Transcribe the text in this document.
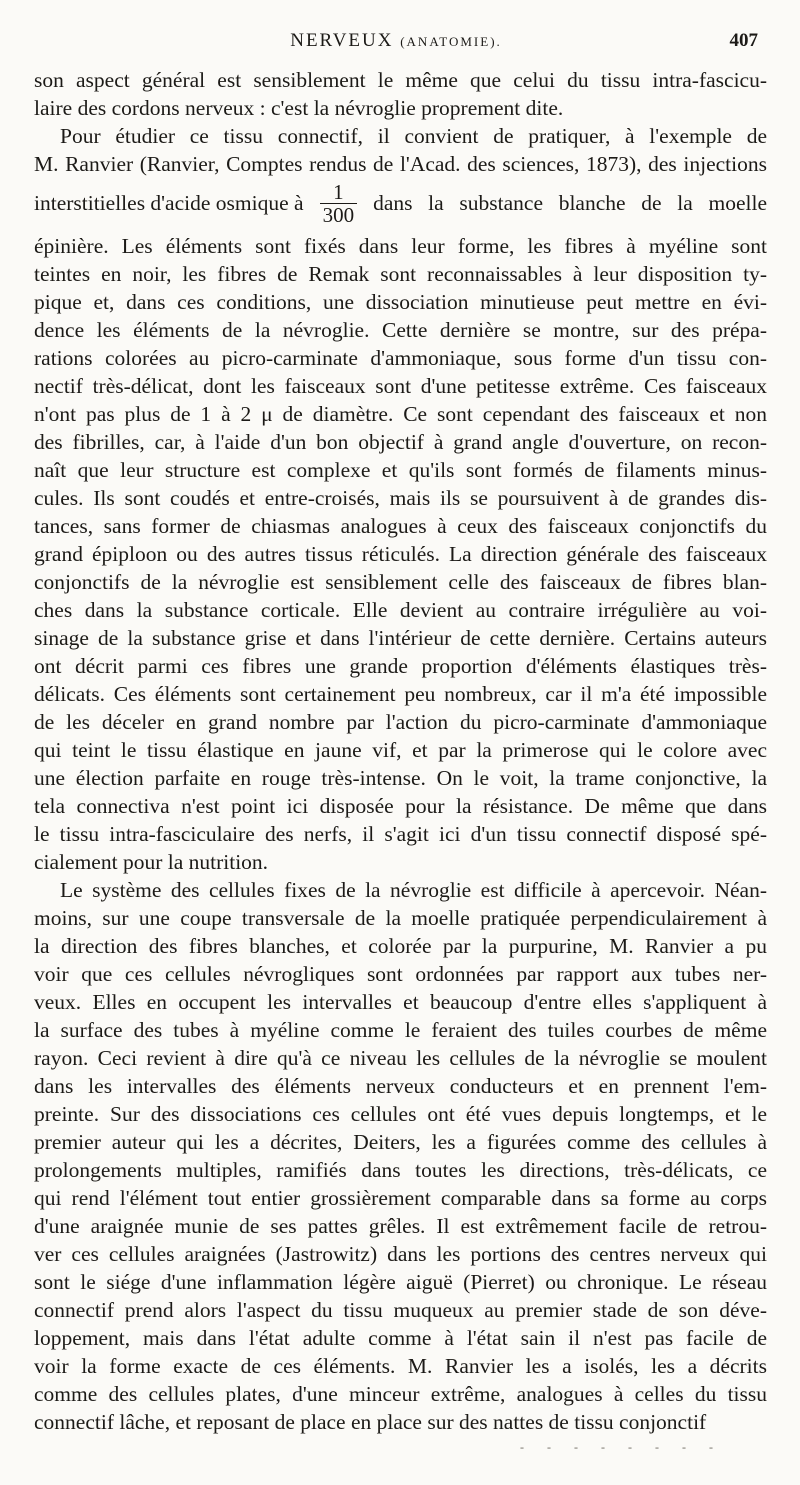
NERVEUX (ANATOMIE).	407
son aspect général est sensiblement le même que celui du tissu intra-fascicu-
laire des cordons nerveux : c'est la névroglie proprement dite.
Pour étudier ce tissu connectif, il convient de pratiquer, à l'exemple de
M. Ranvier (Ranvier, Comptes rendus de l'Acad. des sciences, 1873), des injections
épinière. Les éléments sont fixés dans leur forme, les fibres à myéline sont
teintes en noir, les fibres de Remak sont reconnaissables à leur disposition ty-
pique et, dans ces conditions, une dissociation minutieuse peut mettre en évi-
dence les éléments de la névroglie. Cette dernière se montre, sur des prépa-
rations colorées au picro-carminate d'ammoniaque, sous forme d'un tissu con-
nectif très-délicat, dont les faisceaux sont d'une petitesse extrême. Ces faisceaux
n'ont pas plus de 1 à 2 μ de diamètre. Ce sont cependant des faisceaux et non
des fibrilles, car, à l'aide d'un bon objectif à grand angle d'ouverture, on recon-
naît que leur structure est complexe et qu'ils sont formés de filaments minus-
cules. Ils sont coudés et entre-croisés, mais ils se poursuivent à de grandes dis-
tances, sans former de chiasmas analogues à ceux des faisceaux conjonctifs du
grand épiploon ou des autres tissus réticulés. La direction générale des faisceaux
conjonctifs de la névroglie est sensiblement celle des faisceaux de fibres blan-
ches dans la substance corticale. Elle devient au contraire irrégulière au voi-
sinage de la substance grise et dans l'intérieur de cette dernière. Certains auteurs
ont décrit parmi ces fibres une grande proportion d'éléments élastiques très-
délicats. Ces éléments sont certainement peu nombreux, car il m'a été impossible
de les déceler en grand nombre par l'action du picro-carminate d'ammoniaque
qui teint le tissu élastique en jaune vif, et par la primerose qui le colore avec
une élection parfaite en rouge très-intense. On le voit, la trame conjonctive, la
tela connectiva n'est point ici disposée pour la résistance. De même que dans
le tissu intra-fasciculaire des nerfs, il s'agit ici d'un tissu connectif disposé spé-
cialement pour la nutrition.
Le système des cellules fixes de la névroglie est difficile à apercevoir. Néan-
moins, sur une coupe transversale de la moelle pratiquée perpendiculairement à
la direction des fibres blanches, et colorée par la purpurine, M. Ranvier a pu
voir que ces cellules névrogliques sont ordonnées par rapport aux tubes ner-
veux. Elles en occupent les intervalles et beaucoup d'entre elles s'appliquent à
la surface des tubes à myéline comme le feraient des tuiles courbes de même
rayon. Ceci revient à dire qu'à ce niveau les cellules de la névroglie se moulent
dans les intervalles des éléments nerveux conducteurs et en prennent l'em-
preinte. Sur des dissociations ces cellules ont été vues depuis longtemps, et le
premier auteur qui les a décrites, Deiters, les a figurées comme des cellules à
prolongements multiples, ramifiés dans toutes les directions, très-délicats, ce
qui rend l'élément tout entier grossièrement comparable dans sa forme au corps
d'une araignée munie de ses pattes grêles. Il est extrêmement facile de retrou-
ver ces cellules araignées (Jastrowitz) dans les portions des centres nerveux qui
sont le siége d'une inflammation légère aiguë (Pierret) ou chronique. Le réseau
connectif prend alors l'aspect du tissu muqueux au premier stade de son déve-
loppement, mais dans l'état adulte comme à l'état sain il n'est pas facile de
voir la forme exacte de ces éléments. M. Ranvier les a isolés, les a décrits
comme des cellules plates, d'une minceur extrême, analogues à celles du tissu
connectif lâche, et reposant de place en place sur des nattes de tissu conjonctif
interstitielles d'acide osmique à $\frac{1}{300}$ dans la substance blanche de la moelle
- - - - - - - -
